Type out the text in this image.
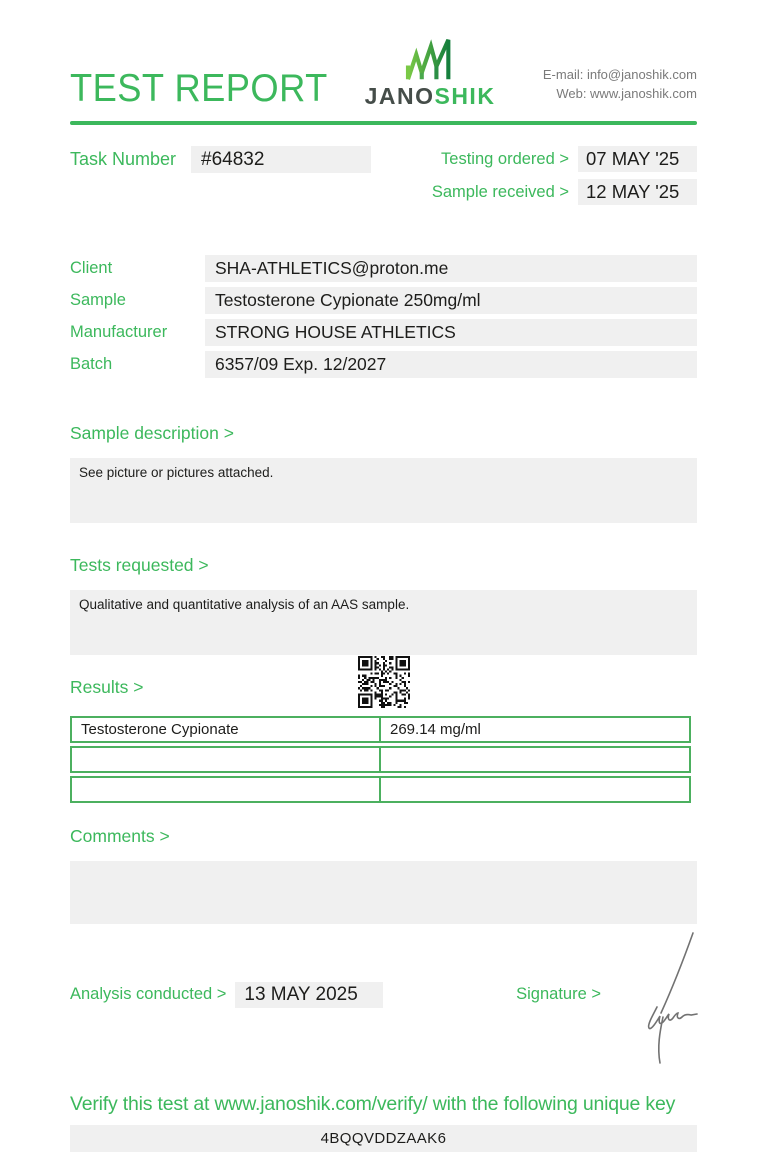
TEST REPORT JANOSHIK
E-mail: info@janoshik.com
Web: www.janoshik.com
Task Number	#64832	Testing ordered > 07 MAY '25
Sample received > 12 MAY '25
Client	SHA-ATHLETICS@proton.me
Sample	Testosterone Cypionate 250mg/ml
Manufacturer	STRONG HOUSE ATHLETICS
Batch	6357/09 Exp. 12/2027
Sample description >
See picture or pictures attached.
Tests requested >
Qualitative and quantitative analysis of an AAS sample.
Results >
Testosterone Cypionate	269.14 mg/ml
Comments >
Analysis conducted > 13 MAY 2025	Signature >
Verify this test at www.janoshik.com/verify/ with the following unique key
4BQQVDDZAAK6
